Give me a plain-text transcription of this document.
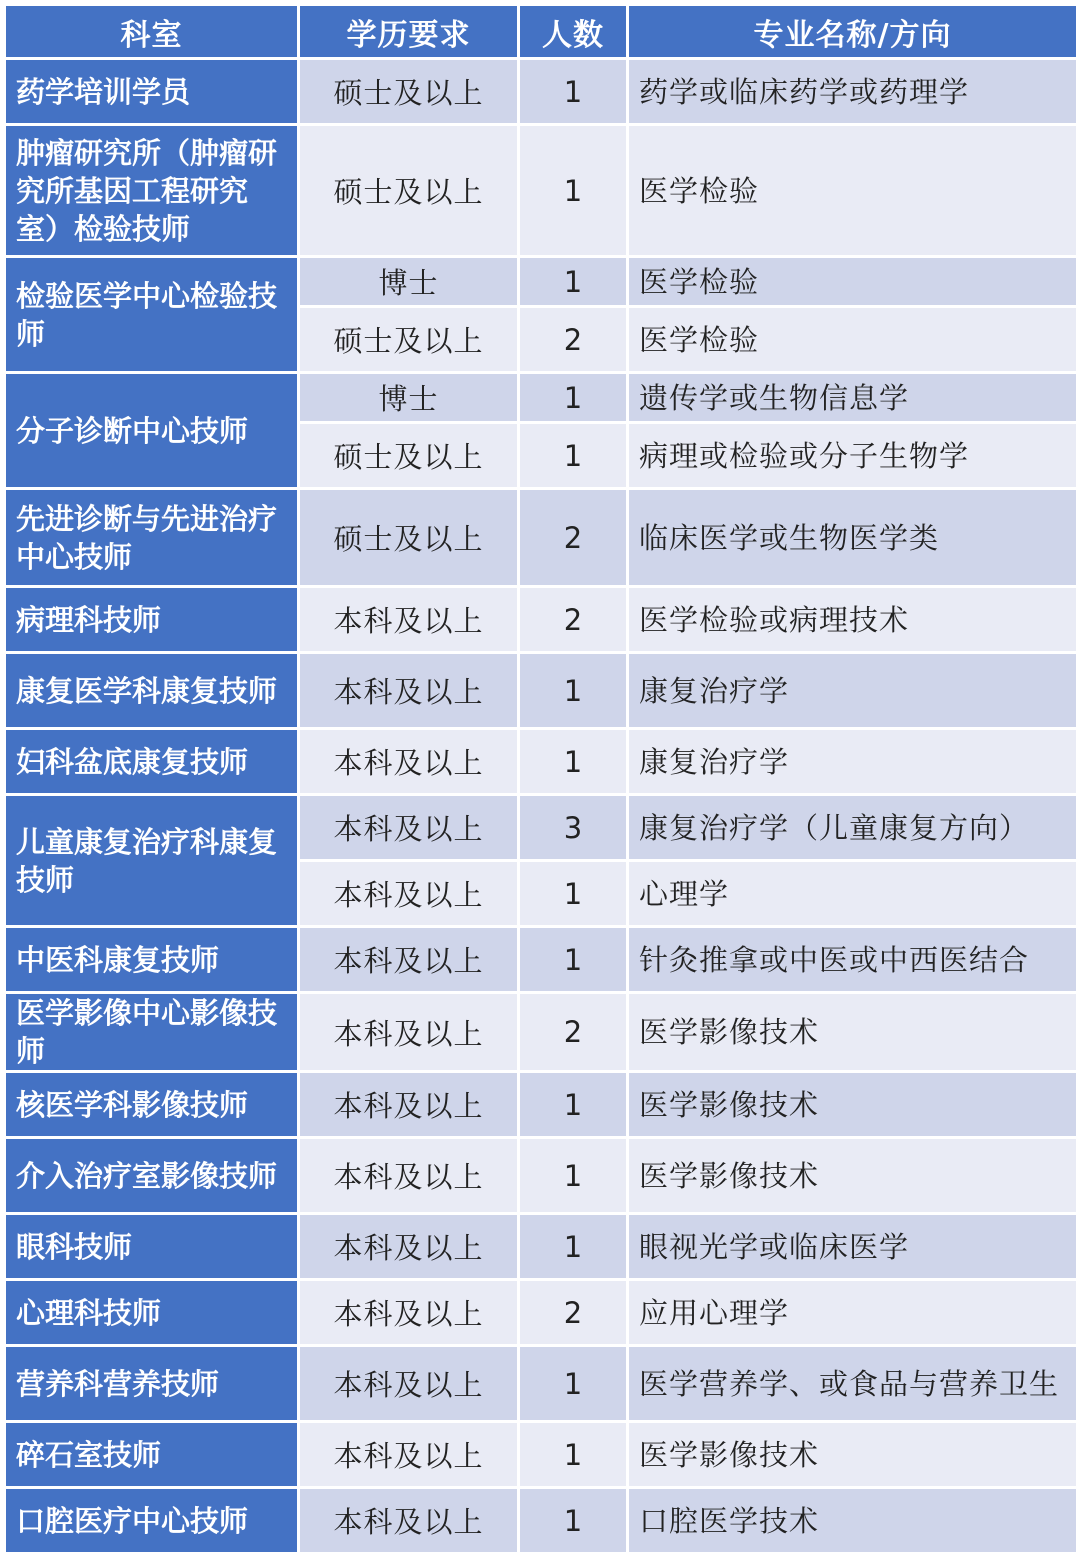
科室	学历要求	人数	专业名称/方向
药学培训学员	硕士及以上	1	药学或临床药学或药理学
肿瘤研究所（肿瘤研究所基因工程研究室）检验技师	硕士及以上	1	医学检验
检验医学中心检验技师	博士	1	医学检验
	硕士及以上	2	医学检验
分子诊断中心技师	博士	1	遗传学或生物信息学
	硕士及以上	1	病理或检验或分子生物学
先进诊断与先进治疗中心技师	硕士及以上	2	临床医学或生物医学类
病理科技师	本科及以上	2	医学检验或病理技术
康复医学科康复技师	本科及以上	1	康复治疗学
妇科盆底康复技师	本科及以上	1	康复治疗学
儿童康复治疗科康复技师	本科及以上	3	康复治疗学（儿童康复方向）
	本科及以上	1	心理学
中医科康复技师	本科及以上	1	针灸推拿或中医或中西医结合
医学影像中心影像技师	本科及以上	2	医学影像技术
核医学科影像技师	本科及以上	1	医学影像技术
介入治疗室影像技师	本科及以上	1	医学影像技术
眼科技师	本科及以上	1	眼视光学或临床医学
心理科技师	本科及以上	2	应用心理学
营养科营养技师	本科及以上	1	医学营养学、或食品与营养卫生
碎石室技师	本科及以上	1	医学影像技术
口腔医疗中心技师	本科及以上	1	口腔医学技术
